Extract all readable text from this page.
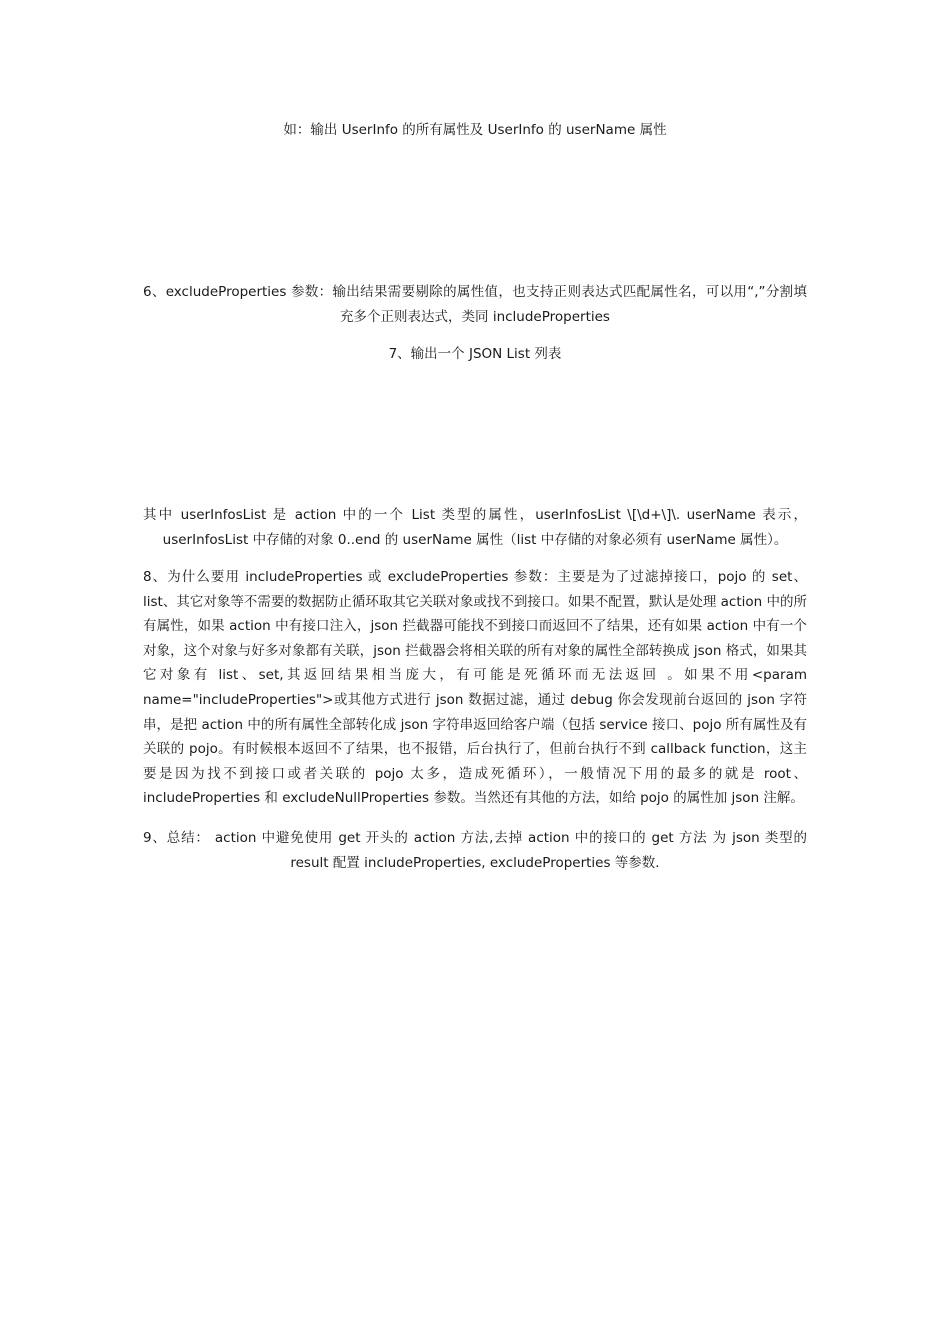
如：输出 UserInfo 的所有属性及 UserInfo 的 userName 属性

6、excludeProperties 参数：输出结果需要剔除的属性值，也支持正则表达式匹配属性名，可以用“,”分割填充多个正则表达式，类同 includeProperties

7、输出一个 JSON List 列表

其中 userInfosList 是 action 中的一个 List 类型的属性，userInfosList \[\d+\]\. userName 表示，userInfosList 中存储的对象 0..end 的 userName 属性（list 中存储的对象必须有 userName 属性）。

8、为什么要用 includeProperties 或 excludeProperties 参数：主要是为了过滤掉接口，pojo 的 set、list、其它对象等不需要的数据防止循环取其它关联对象或找不到接口。如果不配置，默认是处理 action 中的所有属性，如果 action 中有接口注入，json 拦截器可能找不到接口而返回不了结果，还有如果 action 中有一个对象，这个对象与好多对象都有关联，json 拦截器会将相关联的所有对象的属性全部转换成 json 格式，如果其它对象有 list、set,其返回结果相当庞大，有可能是死循环而无法返回 。如果不用<param name="includeProperties">或其他方式进行 json 数据过滤，通过 debug 你会发现前台返回的 json 字符串，是把 action 中的所有属性全部转化成 json 字符串返回给客户端（包括 service 接口、pojo 所有属性及有关联的 pojo。有时候根本返回不了结果，也不报错，后台执行了，但前台执行不到 callback function，这主要是因为找不到接口或者关联的 pojo 太多，造成死循环），一般情况下用的最多的就是 root、includeProperties 和 excludeNullProperties 参数。当然还有其他的方法，如给 pojo 的属性加 json 注解。

9、总结： action 中避免使用 get 开头的 action 方法,去掉 action 中的接口的 get 方法 为 json 类型的 result 配置 includeProperties, excludeProperties 等参数.
